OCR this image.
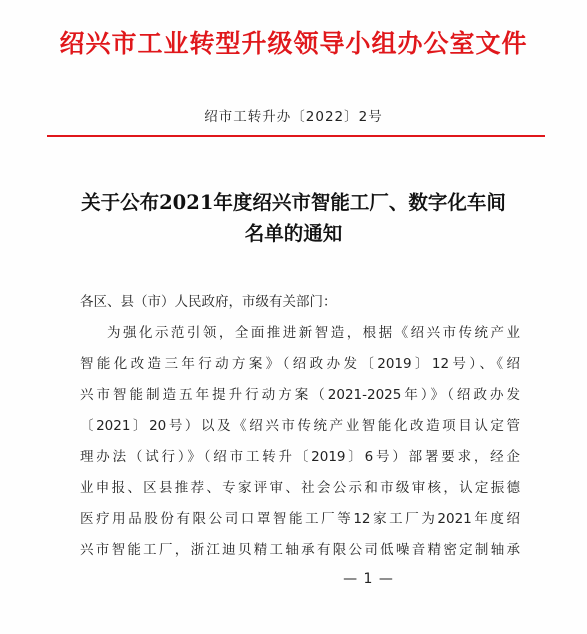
绍兴市工业转型升级领导小组办公室文件
绍市工转升办〔2022〕2号
关于公布2021年度绍兴市智能工厂、数字化车间
名单的通知
各区、县（市）人民政府，市级有关部门：
为强化示范引领，全面推进新智造，根据《绍兴市传统产业
智能化改造三年行动方案》（绍政办发〔2019〕12号）、《绍
兴市智能制造五年提升行动方案（2021-2025年）》（绍政办发
〔2021〕20号）以及《绍兴市传统产业智能化改造项目认定管
理办法（试行）》（绍市工转升〔2019〕6号）部署要求，经企
业申报、区县推荐、专家评审、社会公示和市级审核，认定振德
医疗用品股份有限公司口罩智能工厂等12家工厂为2021年度绍
兴市智能工厂，浙江迪贝精工轴承有限公司低噪音精密定制轴承
— 1 —
